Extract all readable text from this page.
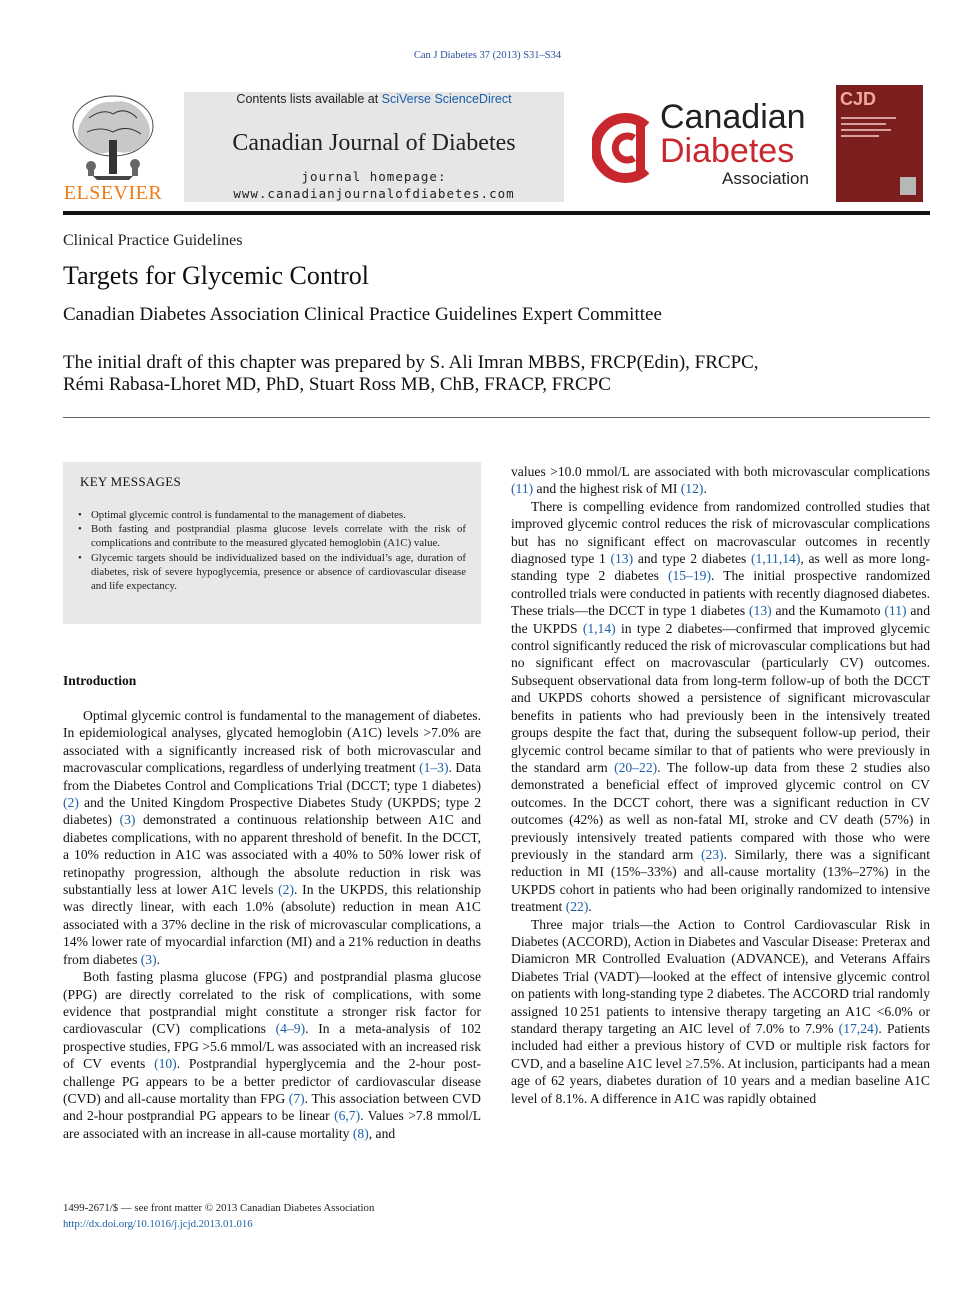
Can J Diabetes 37 (2013) S31–S34
ELSEVIER
Contents lists available at SciVerse ScienceDirect
Canadian Journal of Diabetes
journal homepage:
www.canadianjournalofdiabetes.com
Canadian
Diabetes
Association
CJD
Clinical Practice Guidelines
Targets for Glycemic Control
Canadian Diabetes Association Clinical Practice Guidelines Expert Committee
The initial draft of this chapter was prepared by S. Ali Imran MBBS, FRCP(Edin), FRCPC,
Rémi Rabasa-Lhoret MD, PhD, Stuart Ross MB, ChB, FRACP, FRCPC
KEY MESSAGES
• Optimal glycemic control is fundamental to the management of diabetes.
• Both fasting and postprandial plasma glucose levels correlate with the risk of complications and contribute to the measured glycated hemoglobin (A1C) value.
• Glycemic targets should be individualized based on the individual’s age, duration of diabetes, risk of severe hypoglycemia, presence or absence of cardiovascular disease and life expectancy.
Introduction

Optimal glycemic control is fundamental to the management of diabetes. In epidemiological analyses, glycated hemoglobin (A1C) levels >7.0% are associated with a significantly increased risk of both microvascular and macrovascular complications, regardless of underlying treatment (1–3). Data from the Diabetes Control and Complications Trial (DCCT; type 1 diabetes) (2) and the United Kingdom Prospective Diabetes Study (UKPDS; type 2 diabetes) (3) demonstrated a continuous relationship between A1C and diabetes complications, with no apparent threshold of benefit. In the DCCT, a 10% reduction in A1C was associated with a 40% to 50% lower risk of retinopathy progression, although the absolute reduction in risk was substantially less at lower A1C levels (2). In the UKPDS, this relationship was directly linear, with each 1.0% (absolute) reduction in mean A1C associated with a 37% decline in the risk of microvascular complications, a 14% lower rate of myocardial infarction (MI) and a 21% reduction in deaths from diabetes (3).

Both fasting plasma glucose (FPG) and postprandial plasma glucose (PPG) are directly correlated to the risk of complications, with some evidence that postprandial might constitute a stronger risk factor for cardiovascular (CV) complications (4–9). In a meta-analysis of 102 prospective studies, FPG >5.6 mmol/L was associated with an increased risk of CV events (10). Postprandial hyperglycemia and the 2-hour post-challenge PG appears to be a better predictor of cardiovascular disease (CVD) and all-cause mortality than FPG (7). This association between CVD and 2-hour postprandial PG appears to be linear (6,7). Values >7.8 mmol/L are associated with an increase in all-cause mortality (8), and

values >10.0 mmol/L are associated with both microvascular complications (11) and the highest risk of MI (12).

There is compelling evidence from randomized controlled studies that improved glycemic control reduces the risk of microvascular complications but has no significant effect on macrovascular outcomes in recently diagnosed type 1 (13) and type 2 diabetes (1,11,14), as well as more long-standing type 2 diabetes (15–19). The initial prospective randomized controlled trials were conducted in patients with recently diagnosed diabetes. These trials—the DCCT in type 1 diabetes (13) and the Kumamoto (11) and the UKPDS (1,14) in type 2 diabetes—confirmed that improved glycemic control significantly reduced the risk of microvascular complications but had no significant effect on macrovascular (particularly CV) outcomes. Subsequent observational data from long-term follow-up of both the DCCT and UKPDS cohorts showed a persistence of significant microvascular benefits in patients who had previously been in the intensively treated groups despite the fact that, during the subsequent follow-up period, their glycemic control became similar to that of patients who were previously in the standard arm (20–22). The follow-up data from these 2 studies also demonstrated a beneficial effect of improved glycemic control on CV outcomes. In the DCCT cohort, there was a significant reduction in CV outcomes (42%) as well as non-fatal MI, stroke and CV death (57%) in previously intensively treated patients compared with those who were previously in the standard arm (23). Similarly, there was a significant reduction in MI (15%–33%) and all-cause mortality (13%–27%) in the UKPDS cohort in patients who had been originally randomized to intensive treatment (22).

Three major trials—the Action to Control Cardiovascular Risk in Diabetes (ACCORD), Action in Diabetes and Vascular Disease: Preterax and Diamicron MR Controlled Evaluation (ADVANCE), and Veterans Affairs Diabetes Trial (VADT)—looked at the effect of intensive glycemic control on patients with long-standing type 2 diabetes. The ACCORD trial randomly assigned 10 251 patients to intensive therapy targeting an A1C <6.0% or standard therapy targeting an AIC level of 7.0% to 7.9% (17,24). Patients included had either a previous history of CVD or multiple risk factors for CVD, and a baseline A1C level ≥7.5%. At inclusion, participants had a mean age of 62 years, diabetes duration of 10 years and a median baseline A1C level of 8.1%. A difference in A1C was rapidly obtained

1499-2671/$ — see front matter © 2013 Canadian Diabetes Association
http://dx.doi.org/10.1016/j.jcjd.2013.01.016
